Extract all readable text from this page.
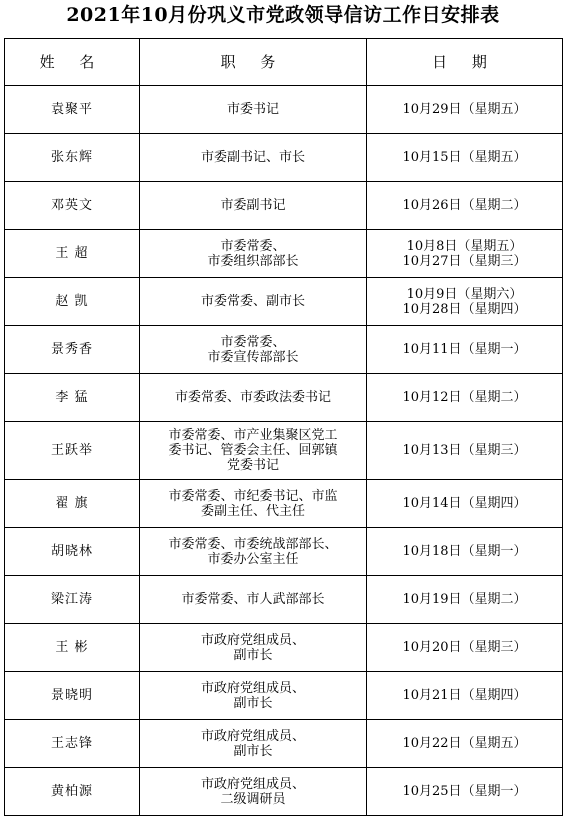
2021年10月份巩义市党政领导信访工作日安排表
姓 名	职 务	日 期
袁聚平	市委书记	10月29日（星期五）

张东辉	市委副书记、市长	10月15日（星期五）

邓英文	市委副书记	10月26日（星期二）

王 超	市委常委、
市委组织部部长	10月8日（星期五）
10月27日（星期三）

赵 凯	市委常委、副市长	10月9日（星期六）
10月28日（星期四）

景秀香	市委常委、
市委宣传部部长	10月11日（星期一）

李 猛	市委常委、市委政法委书记	10月12日（星期二）

王跃举	市委常委、市产业集聚区党工
委书记、管委会主任、回郭镇
党委书记	10月13日（星期三）

翟 旗	市委常委、市纪委书记、市监
委副主任、代主任	10月14日（星期四）

胡晓林	市委常委、市委统战部部长、
市委办公室主任	10月18日（星期一）

梁江涛	市委常委、市人武部部长	10月19日（星期二）

王 彬	市政府党组成员、
副市长	10月20日（星期三）

景晓明	市政府党组成员、
副市长	10月21日（星期四）

王志锋	市政府党组成员、
副市长	10月22日（星期五）

黄柏源	市政府党组成员、
二级调研员	10月25日（星期一）
